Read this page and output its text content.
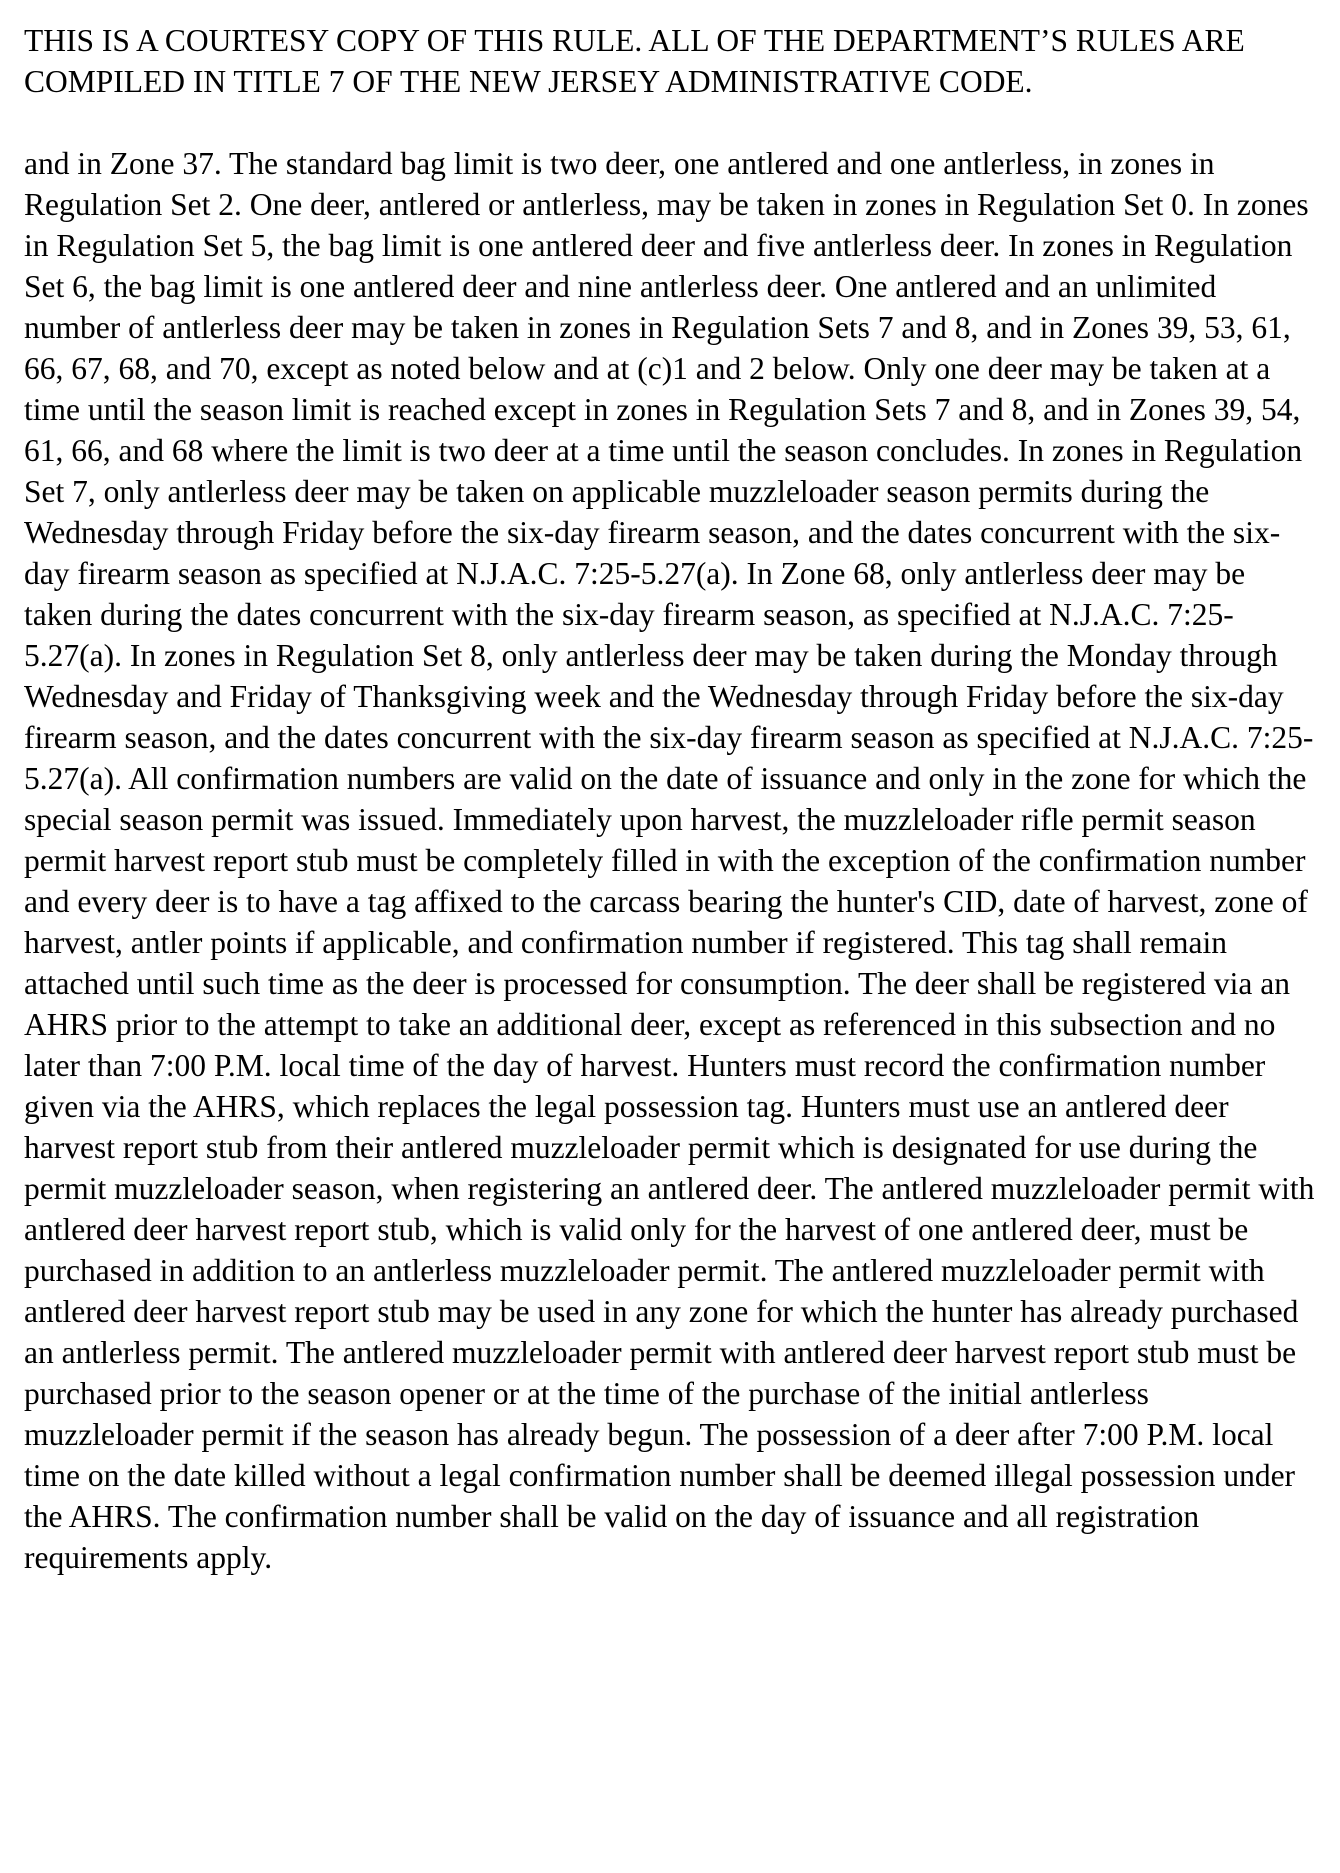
THIS IS A COURTESY COPY OF THIS RULE. ALL OF THE DEPARTMENT’S RULES ARE COMPILED IN TITLE 7 OF THE NEW JERSEY ADMINISTRATIVE CODE.

and in Zone 37. The standard bag limit is two deer, one antlered and one antlerless, in zones in Regulation Set 2. One deer, antlered or antlerless, may be taken in zones in Regulation Set 0. In zones in Regulation Set 5, the bag limit is one antlered deer and five antlerless deer. In zones in Regulation Set 6, the bag limit is one antlered deer and nine antlerless deer. One antlered and an unlimited number of antlerless deer may be taken in zones in Regulation Sets 7 and 8, and in Zones 39, 53, 61, 66, 67, 68, and 70, except as noted below and at (c)1 and 2 below. Only one deer may be taken at a time until the season limit is reached except in zones in Regulation Sets 7 and 8, and in Zones 39, 54, 61, 66, and 68 where the limit is two deer at a time until the season concludes. In zones in Regulation Set 7, only antlerless deer may be taken on applicable muzzleloader season permits during the Wednesday through Friday before the six-day firearm season, and the dates concurrent with the six-day firearm season as specified at N.J.A.C. 7:25-5.27(a). In Zone 68, only antlerless deer may be taken during the dates concurrent with the six-day firearm season, as specified at N.J.A.C. 7:25-5.27(a). In zones in Regulation Set 8, only antlerless deer may be taken during the Monday through Wednesday and Friday of Thanksgiving week and the Wednesday through Friday before the six-day firearm season, and the dates concurrent with the six-day firearm season as specified at N.J.A.C. 7:25-5.27(a). All confirmation numbers are valid on the date of issuance and only in the zone for which the special season permit was issued. Immediately upon harvest, the muzzleloader rifle permit season permit harvest report stub must be completely filled in with the exception of the confirmation number and every deer is to have a tag affixed to the carcass bearing the hunter's CID, date of harvest, zone of harvest, antler points if applicable, and confirmation number if registered. This tag shall remain attached until such time as the deer is processed for consumption. The deer shall be registered via an AHRS prior to the attempt to take an additional deer, except as referenced in this subsection and no later than 7:00 P.M. local time of the day of harvest. Hunters must record the confirmation number given via the AHRS, which replaces the legal possession tag. Hunters must use an antlered deer harvest report stub from their antlered muzzleloader permit which is designated for use during the permit muzzleloader season, when registering an antlered deer. The antlered muzzleloader permit with antlered deer harvest report stub, which is valid only for the harvest of one antlered deer, must be purchased in addition to an antlerless muzzleloader permit. The antlered muzzleloader permit with antlered deer harvest report stub may be used in any zone for which the hunter has already purchased an antlerless permit. The antlered muzzleloader permit with antlered deer harvest report stub must be purchased prior to the season opener or at the time of the purchase of the initial antlerless muzzleloader permit if the season has already begun. The possession of a deer after 7:00 P.M. local time on the date killed without a legal confirmation number shall be deemed illegal possession under the AHRS. The confirmation number shall be valid on the day of issuance and all registration requirements apply.
